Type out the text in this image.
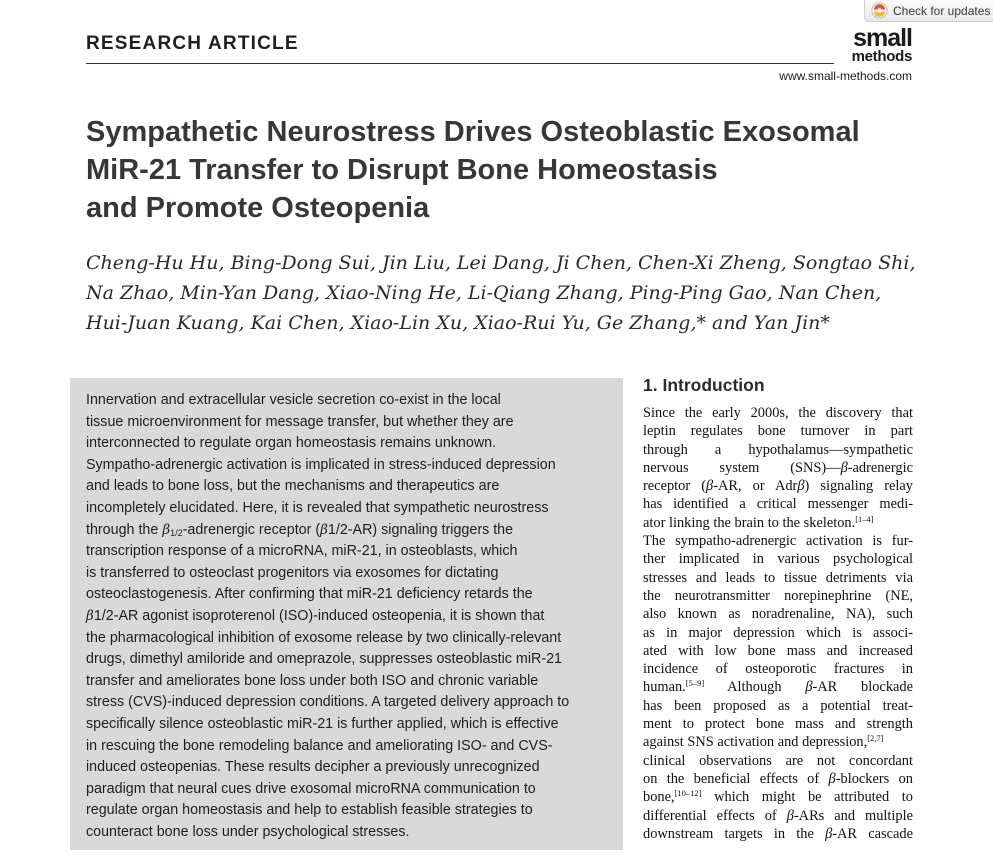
Check for updates
RESEARCH ARTICLE	small
methods
www.small-methods.com
Sympathetic Neurostress Drives Osteoblastic Exosomal
MiR-21 Transfer to Disrupt Bone Homeostasis
and Promote Osteopenia
Cheng-Hu Hu, Bing-Dong Sui, Jin Liu, Lei Dang, Ji Chen, Chen-Xi Zheng, Songtao Shi,
Na Zhao, Min-Yan Dang, Xiao-Ning He, Li-Qiang Zhang, Ping-Ping Gao, Nan Chen,
Hui-Juan Kuang, Kai Chen, Xiao-Lin Xu, Xiao-Rui Yu, Ge Zhang,* and Yan Jin*
Innervation and extracellular vesicle secretion co-exist in the local
tissue microenvironment for message transfer, but whether they are
interconnected to regulate organ homeostasis remains unknown.
Sympatho-adrenergic activation is implicated in stress-induced depression
and leads to bone loss, but the mechanisms and therapeutics are
incompletely elucidated. Here, it is revealed that sympathetic neurostress
through the $\beta_{1/2}$-adrenergic receptor (β1/2-AR) signaling triggers the
transcription response of a microRNA, miR-21, in osteoblasts, which
is transferred to osteoclast progenitors via exosomes for dictating
osteoclastogenesis. After confirming that miR-21 deficiency retards the
β1/2-AR agonist isoproterenol (ISO)-induced osteopenia, it is shown that
the pharmacological inhibition of exosome release by two clinically-relevant
drugs, dimethyl amiloride and omeprazole, suppresses osteoblastic miR-21
transfer and ameliorates bone loss under both ISO and chronic variable
stress (CVS)-induced depression conditions. A targeted delivery approach to
specifically silence osteoblastic miR-21 is further applied, which is effective
in rescuing the bone remodeling balance and ameliorating ISO- and CVS-
induced osteopenias. These results decipher a previously unrecognized
paradigm that neural cues drive exosomal microRNA communication to
regulate organ homeostasis and help to establish feasible strategies to
counteract bone loss under psychological stresses.
1. Introduction
Since the early 2000s, the discovery that
leptin regulates bone turnover in part
through a hypothalamus—sympathetic
nervous system (SNS)—β-adrenergic
receptor (β-AR, or Adrβ) signaling relay
has identified a critical messenger medi-
ator linking the brain to the skeleton.[1–4]
The sympatho-adrenergic activation is fur-
ther implicated in various psychological
stresses and leads to tissue detriments via
the neurotransmitter norepinephrine (NE,
also known as noradrenaline, NA), such
as in major depression which is associ-
ated with low bone mass and increased
incidence of osteoporotic fractures in
human.[5–9] Although β-AR blockade
has been proposed as a potential treat-
ment to protect bone mass and strength
against SNS activation and depression,[2,7]
clinical observations are not concordant
on the beneficial effects of β-blockers on
bone,[10–12] which might be attributed to
differential effects of β-ARs and multiple
downstream targets in the β-AR cascade
